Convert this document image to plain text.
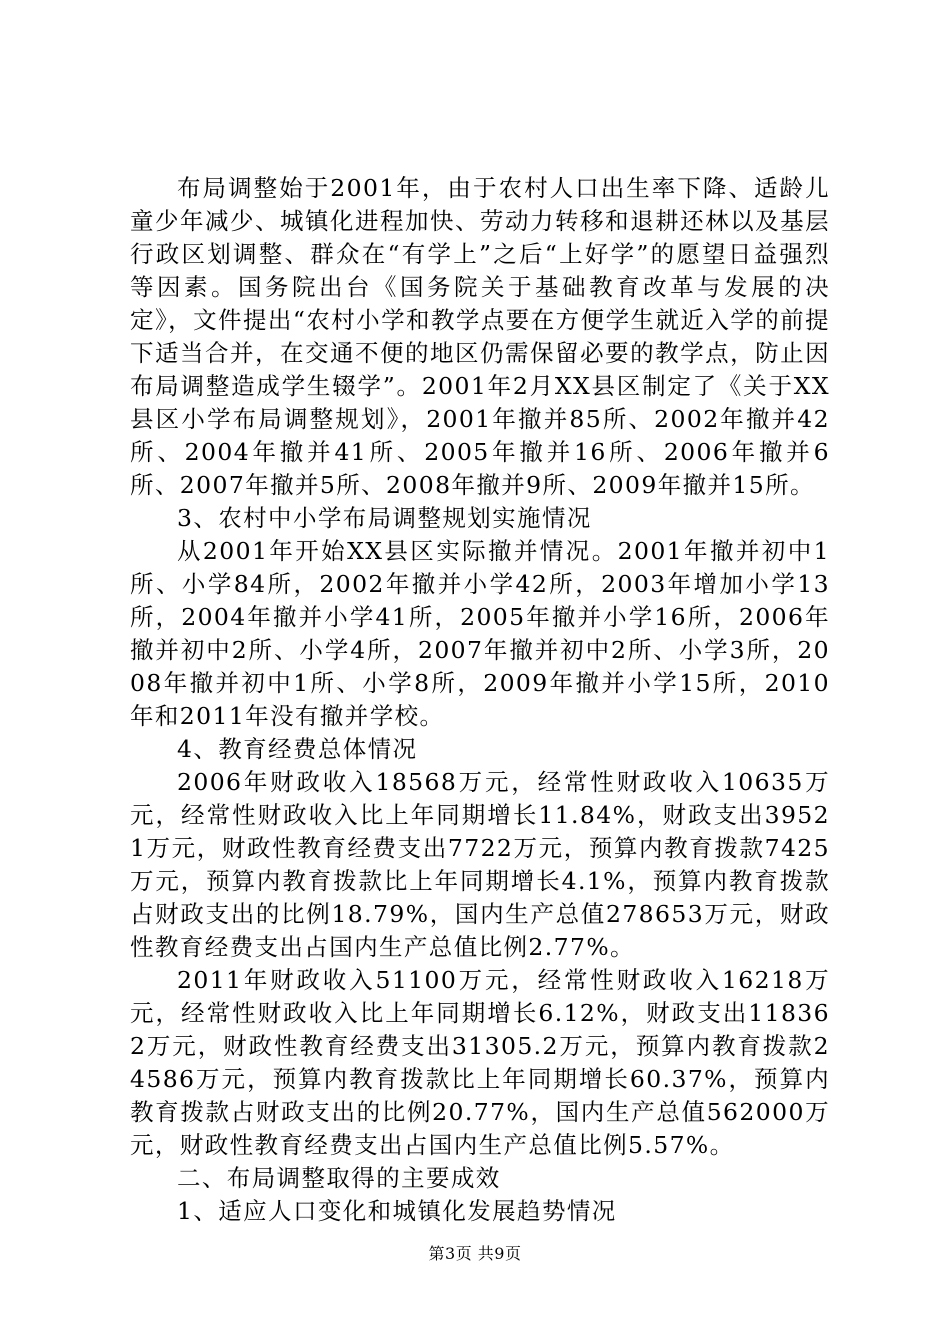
布局调整始于2001年，由于农村人口出生率下降、适龄儿童少年减少、城镇化进程加快、劳动力转移和退耕还林以及基层行政区划调整、群众在“有学上”之后“上好学”的愿望日益强烈等因素。国务院出台《国务院关于基础教育改革与发展的决定》，文件提出“农村小学和教学点要在方便学生就近入学的前提下适当合并，在交通不便的地区仍需保留必要的教学点，防止因布局调整造成学生辍学”。2001年2月XX县区制定了《关于XX县区小学布局调整规划》，2001年撤并85所、2002年撤并42所、2004年撤并41所、2005年撤并16所、2006年撤并6所、2007年撤并5所、2008年撤并9所、2009年撤并15所。

3、农村中小学布局调整规划实施情况

从2001年开始XX县区实际撤并情况。2001年撤并初中1所、小学84所，2002年撤并小学42所，2003年增加小学13所，2004年撤并小学41所，2005年撤并小学16所，2006年撤并初中2所、小学4所，2007年撤并初中2所、小学3所，2008年撤并初中1所、小学8所，2009年撤并小学15所，2010年和2011年没有撤并学校。

4、教育经费总体情况

2006年财政收入18568万元，经常性财政收入10635万元，经常性财政收入比上年同期增长11.84%，财政支出39521万元，财政性教育经费支出7722万元，预算内教育拨款7425万元，预算内教育拨款比上年同期增长4.1%，预算内教育拨款占财政支出的比例18.79%，国内生产总值278653万元，财政性教育经费支出占国内生产总值比例2.77%。

2011年财政收入51100万元，经常性财政收入16218万元，经常性财政收入比上年同期增长6.12%，财政支出118362万元，财政性教育经费支出31305.2万元，预算内教育拨款24586万元，预算内教育拨款比上年同期增长60.37%，预算内教育拨款占财政支出的比例20.77%，国内生产总值562000万元，财政性教育经费支出占国内生产总值比例5.57%。

二、布局调整取得的主要成效

1、适应人口变化和城镇化发展趋势情况

第3页 共9页
